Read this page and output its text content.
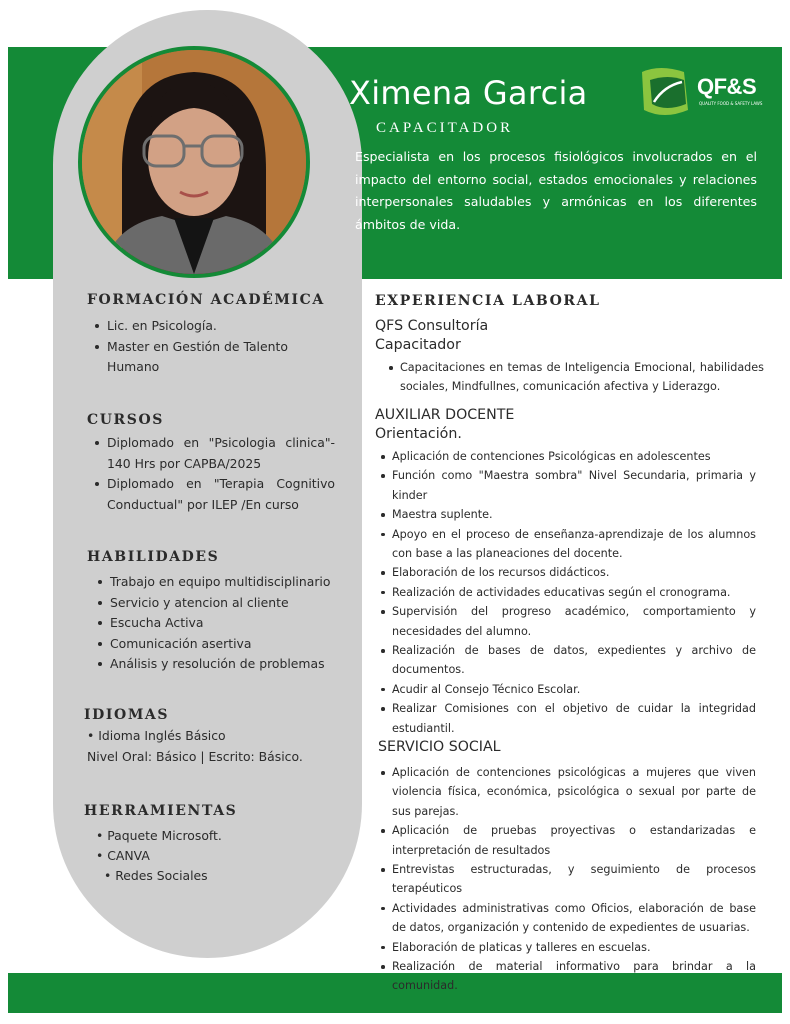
Ximena Garcia
CAPACITADOR

Especialista en los procesos fisiológicos involucrados en el impacto del entorno social, estados emocionales y relaciones interpersonales saludables y armónicas en los diferentes ámbitos de vida.

QF&S
QUALITY FOOD & SAFETY LAWS
FORMACIÓN ACADÉMICA
Lic. en Psicología.
Master en Gestión de Talento Humano
CURSOS
Diplomado en "Psicologia clinica"- 140 Hrs por CAPBA/2025
Diplomado en "Terapia Cognitivo Conductual" por ILEP /En curso
HABILIDADES
Trabajo en equipo multidisciplinario
Servicio y atencion al cliente
Escucha Activa
Comunicación asertiva
Análisis y resolución de problemas
IDIOMAS
• Idioma Inglés Básico
Nivel Oral: Básico | Escrito: Básico.
HERRAMIENTAS
• Paquete Microsoft.
• CANVA
• Redes Sociales
EXPERIENCIA LABORAL
QFS Consultoría
Capacitador
Capacitaciones en temas de Inteligencia Emocional, habilidades sociales, Mindfullnes, comunicación afectiva y Liderazgo.
AUXILIAR DOCENTE
Orientación.
Aplicación de contenciones Psicológicas en adolescentes
Función como "Maestra sombra" Nivel Secundaria, primaria y kinder
Maestra suplente.
Apoyo en el proceso de enseñanza-aprendizaje de los alumnos con base a las planeaciones del docente.
Elaboración de los recursos didácticos.
Realización de actividades educativas según el cronograma.
Supervisión del progreso académico, comportamiento y necesidades del alumno.
Realización de bases de datos, expedientes y archivo de documentos.
Acudir al Consejo Técnico Escolar.
Realizar Comisiones con el objetivo de cuidar la integridad estudiantil.
SERVICIO SOCIAL
Aplicación de contenciones psicológicas a mujeres que viven violencia física, económica, psicológica o sexual por parte de sus parejas.
Aplicación de pruebas proyectivas o estandarizadas e interpretación de resultados
Entrevistas estructuradas, y seguimiento de procesos terapéuticos
Actividades administrativas como Oficios, elaboración de base de datos, organización y contenido de expedientes de usuarias.
Elaboración de platicas y talleres en escuelas.
Realización de material informativo para brindar a la comunidad.
